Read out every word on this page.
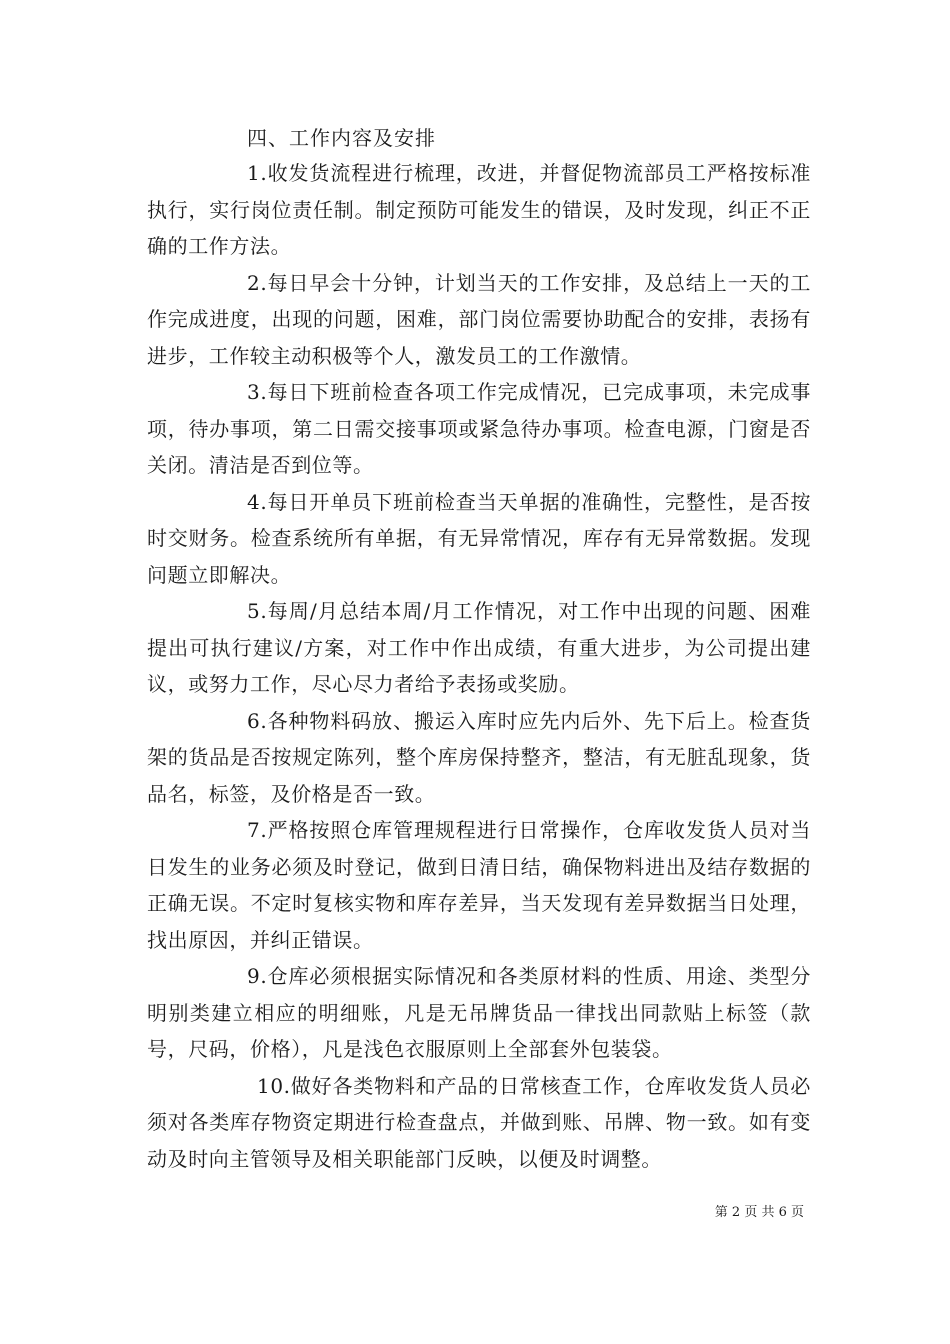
四、工作内容及安排

1.收发货流程进行梳理，改进，并督促物流部员工严格按标准执行，实行岗位责任制。制定预防可能发生的错误，及时发现，纠正不正确的工作方法。

2.每日早会十分钟，计划当天的工作安排，及总结上一天的工作完成进度，出现的问题，困难，部门岗位需要协助配合的安排，表扬有进步，工作较主动积极等个人，激发员工的工作激情。

3.每日下班前检查各项工作完成情况，已完成事项，未完成事项，待办事项，第二日需交接事项或紧急待办事项。检查电源，门窗是否关闭。清洁是否到位等。

4.每日开单员下班前检查当天单据的准确性，完整性，是否按时交财务。检查系统所有单据，有无异常情况，库存有无异常数据。发现问题立即解决。

5.每周/月总结本周/月工作情况，对工作中出现的问题、困难提出可执行建议/方案，对工作中作出成绩，有重大进步，为公司提出建议，或努力工作，尽心尽力者给予表扬或奖励。

6.各种物料码放、搬运入库时应先内后外、先下后上。检查货架的货品是否按规定陈列，整个库房保持整齐，整洁，有无脏乱现象，货品名，标签，及价格是否一致。

7.严格按照仓库管理规程进行日常操作，仓库收发货人员对当日发生的业务必须及时登记，做到日清日结，确保物料进出及结存数据的正确无误。不定时复核实物和库存差异，当天发现有差异数据当日处理，找出原因，并纠正错误。

9.仓库必须根据实际情况和各类原材料的性质、用途、类型分明别类建立相应的明细账，凡是无吊牌货品一律找出同款贴上标签（款号，尺码，价格），凡是浅色衣服原则上全部套外包装袋。

10.做好各类物料和产品的日常核查工作，仓库收发货人员必须对各类库存物资定期进行检查盘点，并做到账、吊牌、物一致。如有变动及时向主管领导及相关职能部门反映，以便及时调整。

第 2 页 共 6 页
